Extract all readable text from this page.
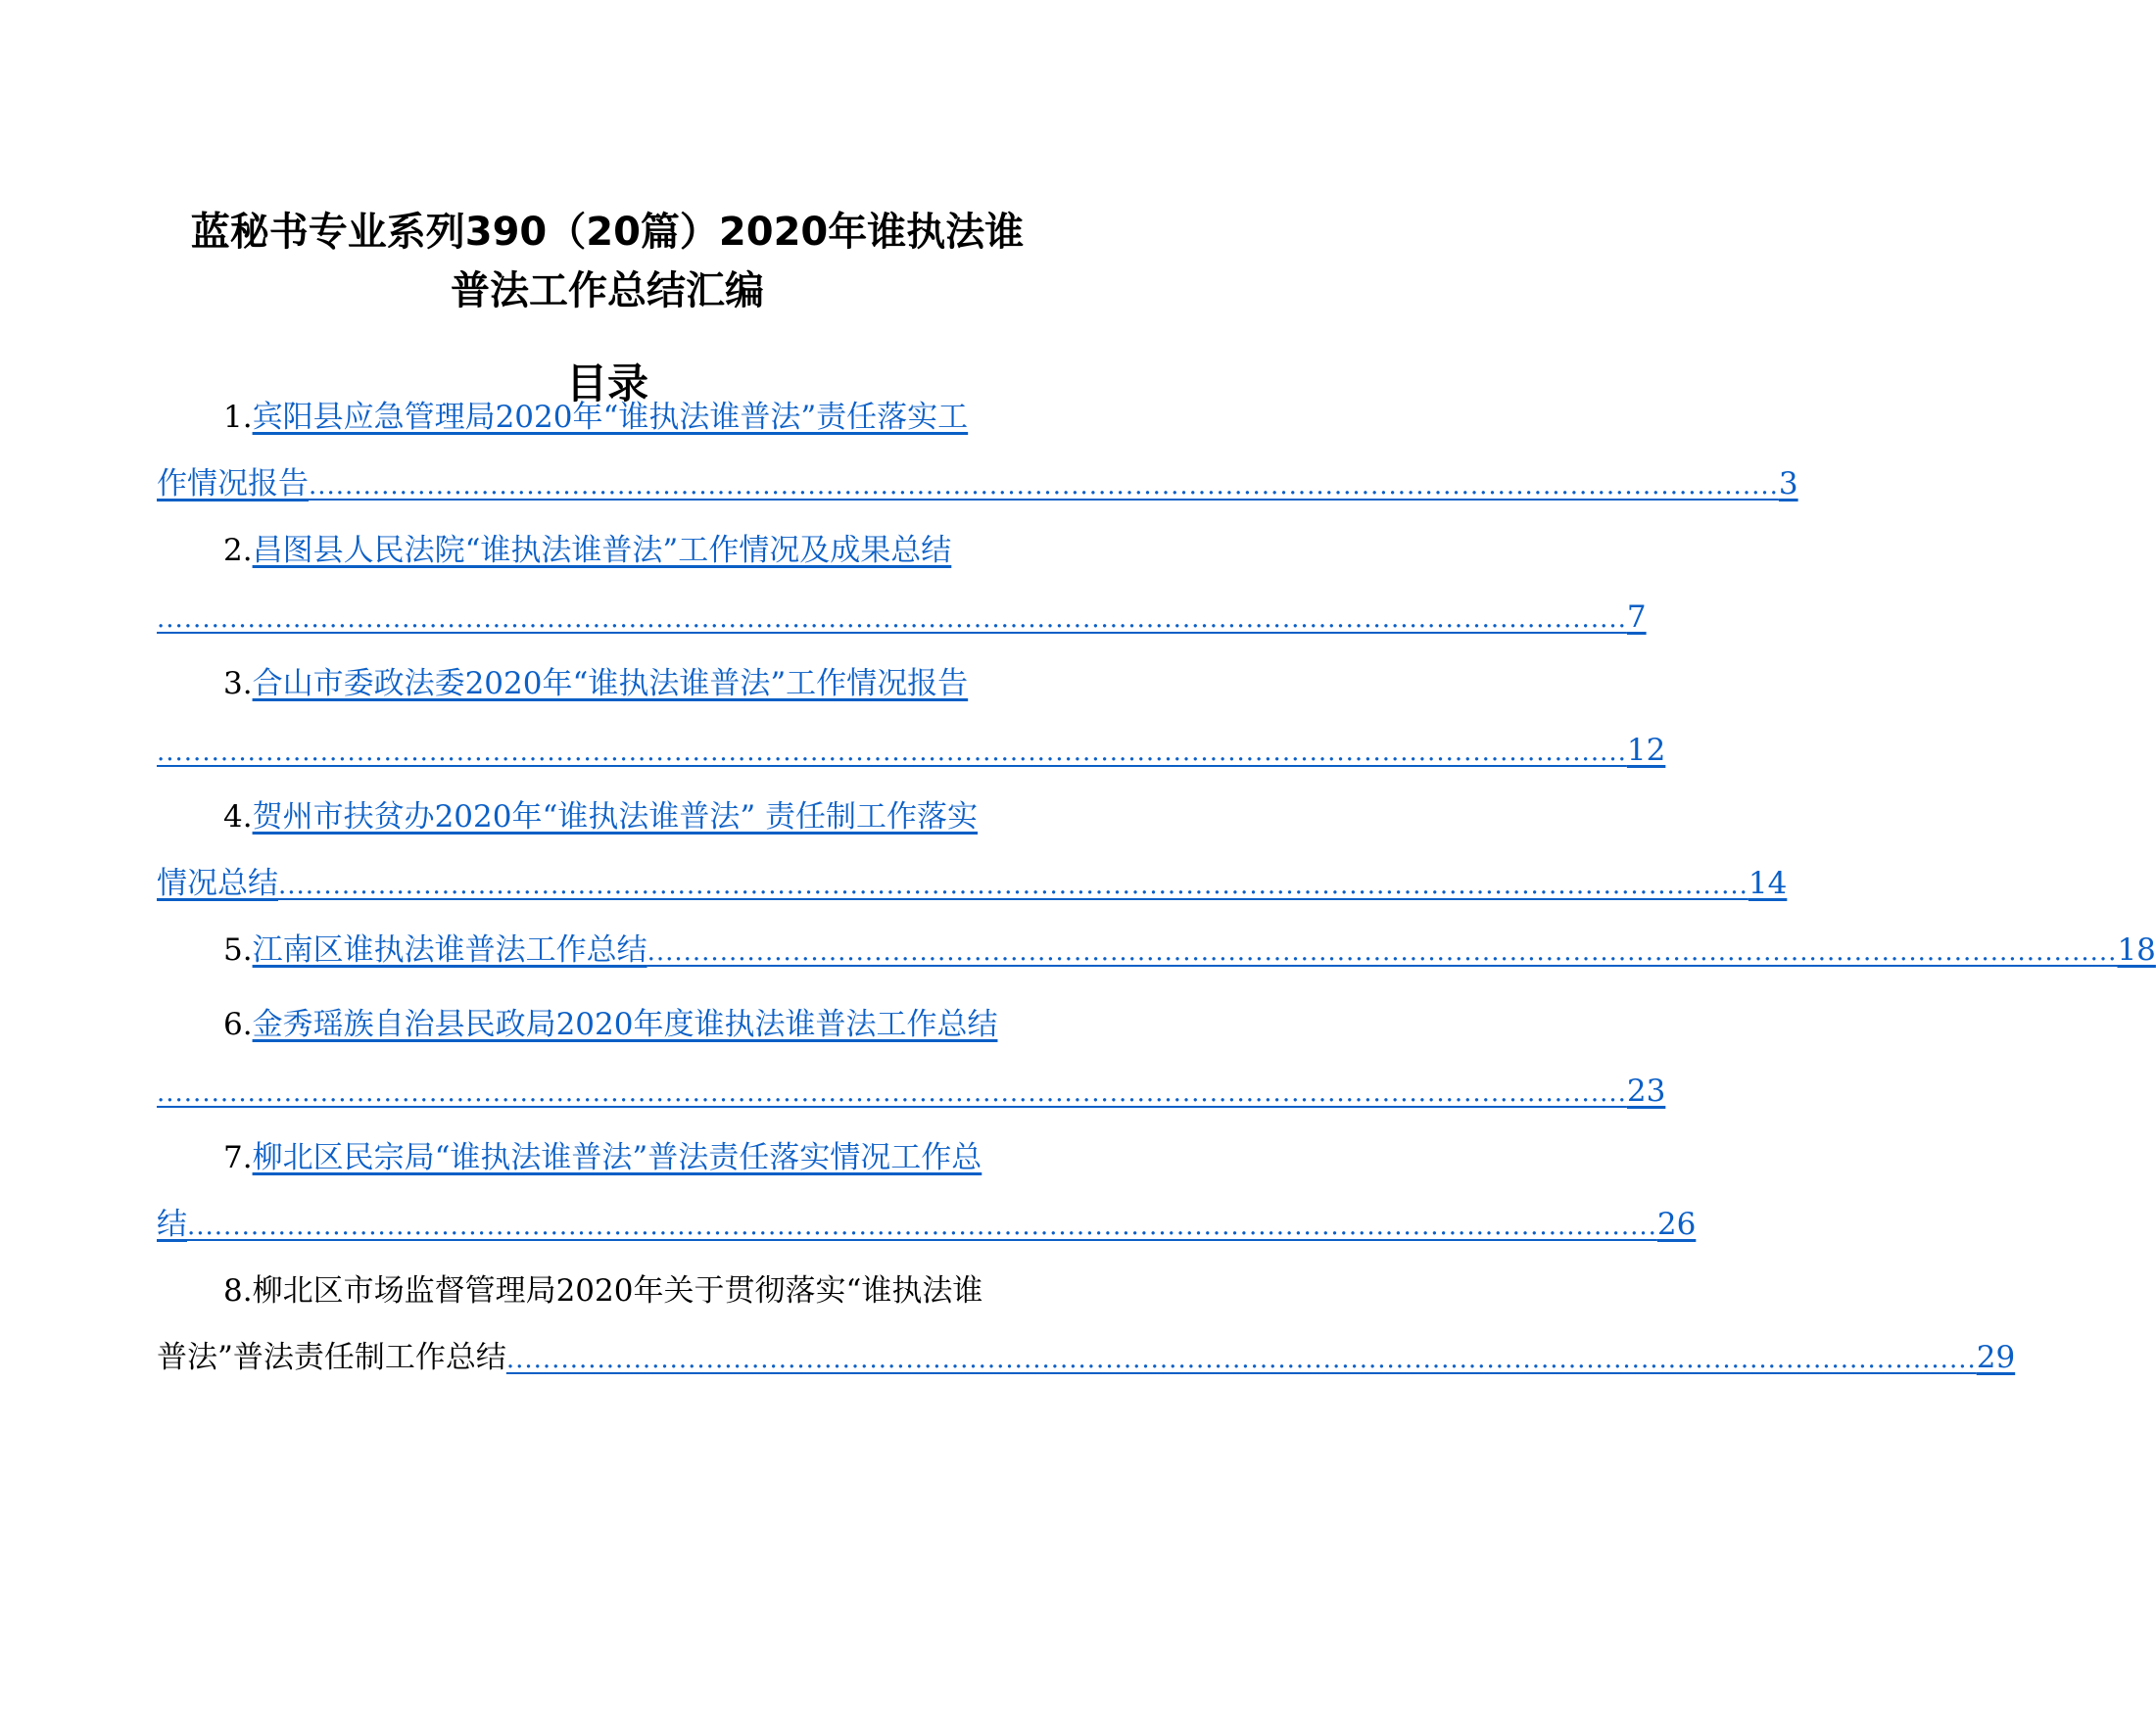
蓝秘书专业系列390（20篇）2020年谁执法谁
普法工作总结汇编
目录
1.宾阳县应急管理局2020年“谁执法谁普法”责任落实工
作情况报告 .................................................................................................................................................................. 3
2.昌图县人民法院“谁执法谁普法”工作情况及成果总结
.................................................................................................................................................................. 7
3.合山市委政法委2020年“谁执法谁普法”工作情况报告
.................................................................................................................................................................. 12
4.贺州市扶贫办2020年“谁执法谁普法” 责任制工作落实
情况总结 .................................................................................................................................................................. 14
5. 江南区谁执法谁普法工作总结 .................................................................................................................................................................. 18
6.金秀瑶族自治县民政局2020年度谁执法谁普法工作总结
.................................................................................................................................................................. 23
7.柳北区民宗局“谁执法谁普法”普法责任落实情况工作总
结 .................................................................................................................................................................. 26
8.柳北区市场监督管理局2020年关于贯彻落实“谁执法谁
普法”普法责任制工作总结 .................................................................................................................................................................. 29
